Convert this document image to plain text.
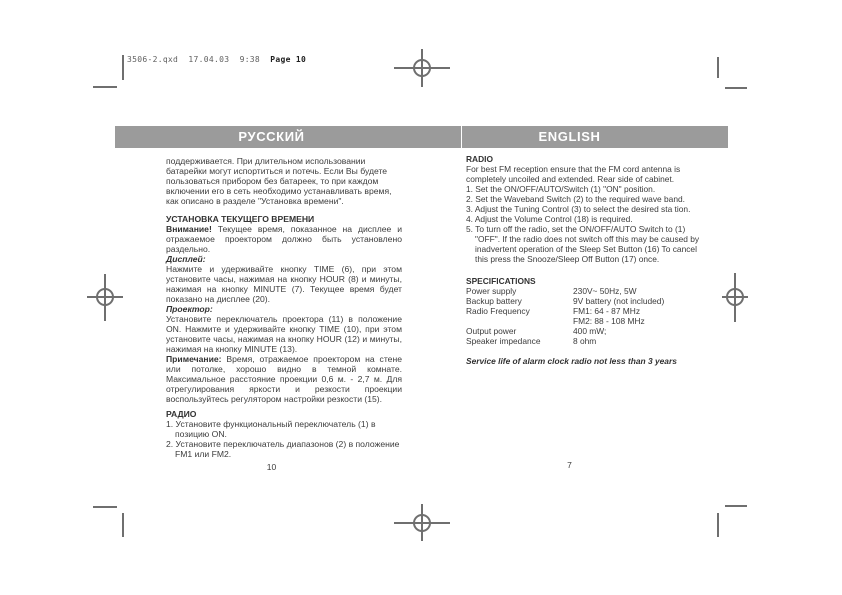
3506-2.qxd 17.04.03 9:38 Page 10
РУССКИЙ	ENGLISH

поддерживается. При длительном использовании батарейки могут испортиться и потечь. Если Вы будете пользоваться прибором без батареек, то при каждом включении его в сеть необходимо устанавливать время, как описано в разделе "Установка времени".

УСТАНОВКА ТЕКУЩЕГО ВРЕМЕНИ

Внимание! Текущее время, показанное на дисплее и отражаемое проектором должно быть установлено раздельно.

Дисплей:

Нажмите и удерживайте кнопку TIME (6), при этом установите часы, нажимая на кнопку HOUR (8) и минуты, нажимая на кнопку MINUTE (7). Текущее время будет показано на дисплее (20).

Проектор:

Установите переключатель проектора (11) в положение ON. Нажмите и удерживайте кнопку TIME (10), при этом установите часы, нажимая на кнопку HOUR (12) и минуты, нажимая на кнопку MINUTE (13).

Примечание: Время, отражаемое проектором на стене или потолке, хорошо видно в темной комнате. Максимальное расстояние проекции 0,6 м. - 2,7 м. Для отрегулирования яркости и резкости проекции воспользуйтесь регулятором настройки резкости (15).

РАДИО

1. Установите функциональный переключатель (1) в позицию ON.

2. Установите переключатель диапазонов (2) в положение FM1 или FM2.

10

RADIO

For best FM reception ensure that the FM cord antenna is completely uncoiled and extended. Rear side of cabinet.

1. Set the ON/OFF/AUTO/Switch (1) "ON" position.

2. Set the Waveband Switch (2) to the required wave band.

3. Adjust the Tuning Control (3) to select the desired sta tion.

4. Adjust the Volume Control (18) is required.

5. To turn off the radio, set the ON/OFF/AUTO Switch to (1) "OFF". If the radio does not switch off this may be caused by inadvertent operation of the Sleep Set Button (16) To cancel this press the Snooze/Sleep Off Button (17) once.

SPECIFICATIONS

Power supply	230V~ 50Hz, 5W
Backup battery	9V battery (not included)
Radio Frequency	FM1: 64 - 87 MHz
FM2: 88 - 108 MHz
Output power	400 mW;
Speaker impedance	8 ohm

Service life of alarm clock radio not less than 3 years

7
